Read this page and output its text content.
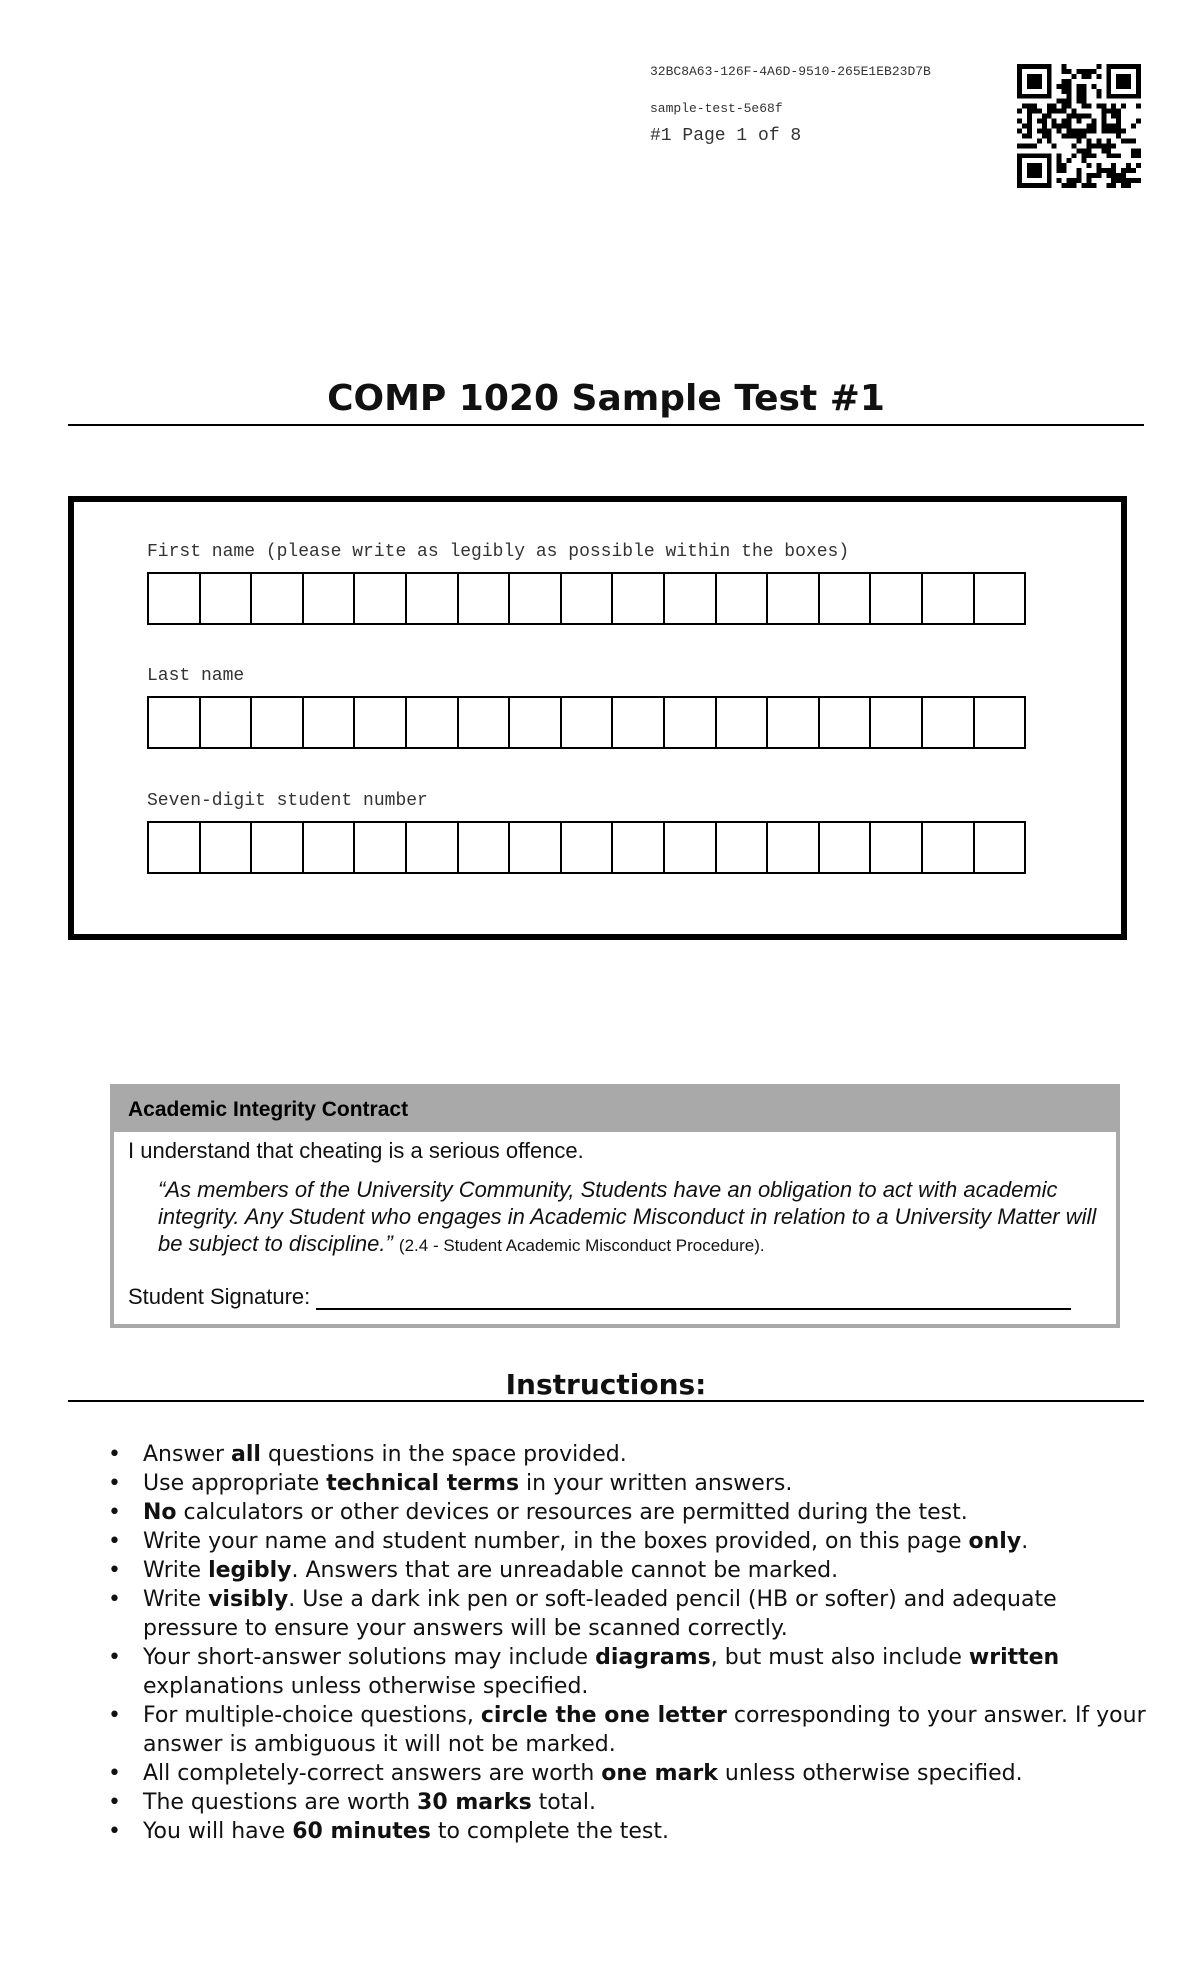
32BC8A63-126F-4A6D-9510-265E1EB23D7B
sample-test-5e68f
#1 Page 1 of 8
COMP 1020 Sample Test #1
First name (please write as legibly as possible within the boxes)
Last name
Seven-digit student number
Academic Integrity Contract
I understand that cheating is a serious offence.
“As members of the University Community, Students have an obligation to act with academic integrity. Any Student who engages in Academic Misconduct in relation to a University Matter will be subject to discipline.” (2.4 - Student Academic Misconduct Procedure).
Student Signature:
Instructions:
• Answer all questions in the space provided.
• Use appropriate technical terms in your written answers.
• No calculators or other devices or resources are permitted during the test.
• Write your name and student number, in the boxes provided, on this page only.
• Write legibly. Answers that are unreadable cannot be marked.
• Write visibly. Use a dark ink pen or soft-leaded pencil (HB or softer) and adequate pressure to ensure your answers will be scanned correctly.
• Your short-answer solutions may include diagrams, but must also include written explanations unless otherwise specified.
• For multiple-choice questions, circle the one letter corresponding to your answer. If your answer is ambiguous it will not be marked.
• All completely-correct answers are worth one mark unless otherwise specified.
• The questions are worth 30 marks total.
• You will have 60 minutes to complete the test.
